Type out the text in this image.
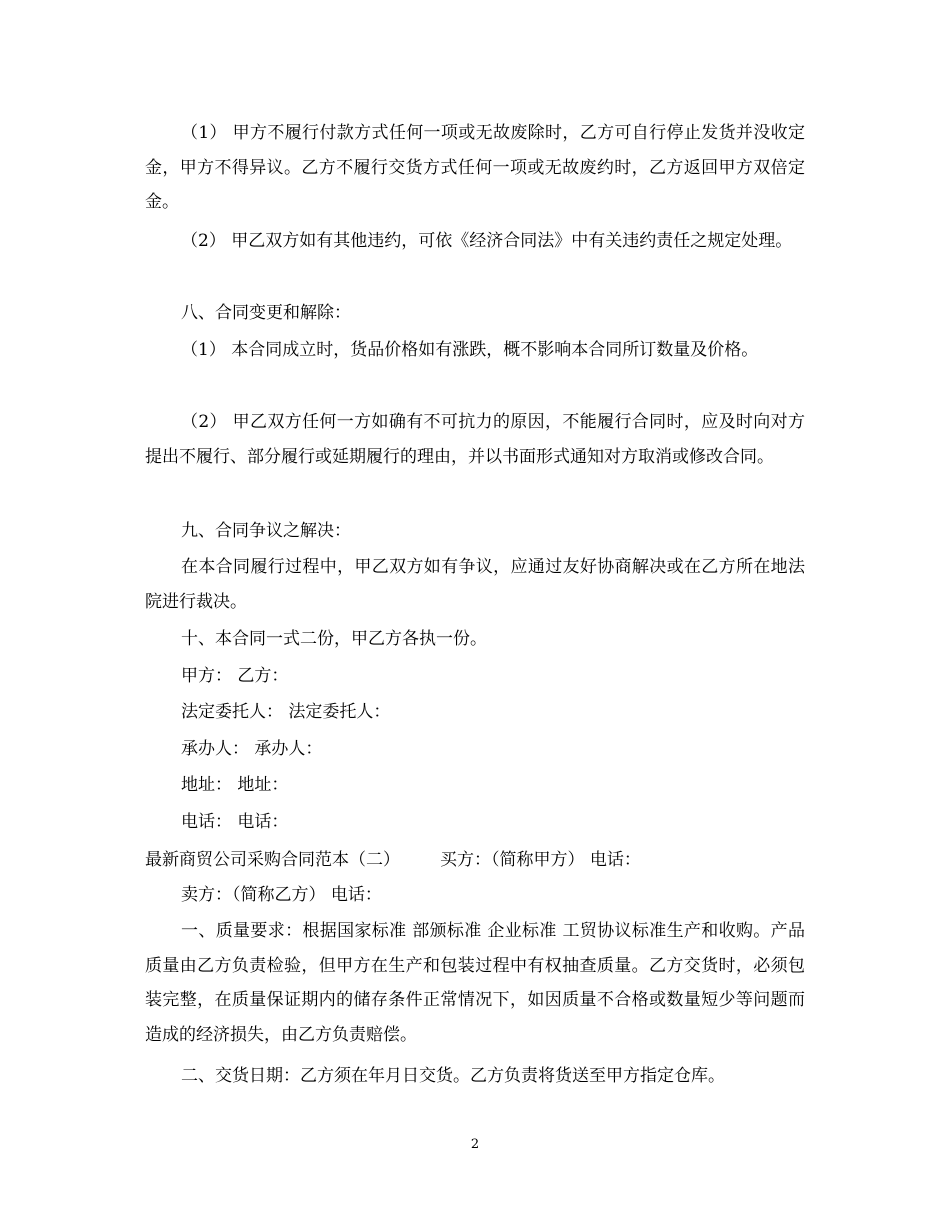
（1） 甲方不履行付款方式任何一项或无故废除时，乙方可自行停止发货并没收定金，甲方不得异议。乙方不履行交货方式任何一项或无故废约时，乙方返回甲方双倍定金。

（2） 甲乙双方如有其他违约，可依《经济合同法》中有关违约责任之规定处理。

八、合同变更和解除：

（1） 本合同成立时，货品价格如有涨跌，概不影响本合同所订数量及价格。

（2） 甲乙双方任何一方如确有不可抗力的原因，不能履行合同时，应及时向对方提出不履行、部分履行或延期履行的理由，并以书面形式通知对方取消或修改合同。

九、合同争议之解决：

在本合同履行过程中，甲乙双方如有争议，应通过友好协商解决或在乙方所在地法院进行裁决。

十、本合同一式二份，甲乙方各执一份。

甲方： 乙方：

法定委托人： 法定委托人：

承办人： 承办人：

地址： 地址：

电话： 电话：

最新商贸公司采购合同范本（二） 买方：（简称甲方） 电话：

卖方：（简称乙方） 电话：

一、质量要求：根据国家标准 部颁标准 企业标准 工贸协议标准生产和收购。产品质量由乙方负责检验，但甲方在生产和包装过程中有权抽查质量。乙方交货时，必须包装完整，在质量保证期内的储存条件正常情况下，如因质量不合格或数量短少等问题而造成的经济损失，由乙方负责赔偿。

二、交货日期：乙方须在年月日交货。乙方负责将货送至甲方指定仓库。

2
